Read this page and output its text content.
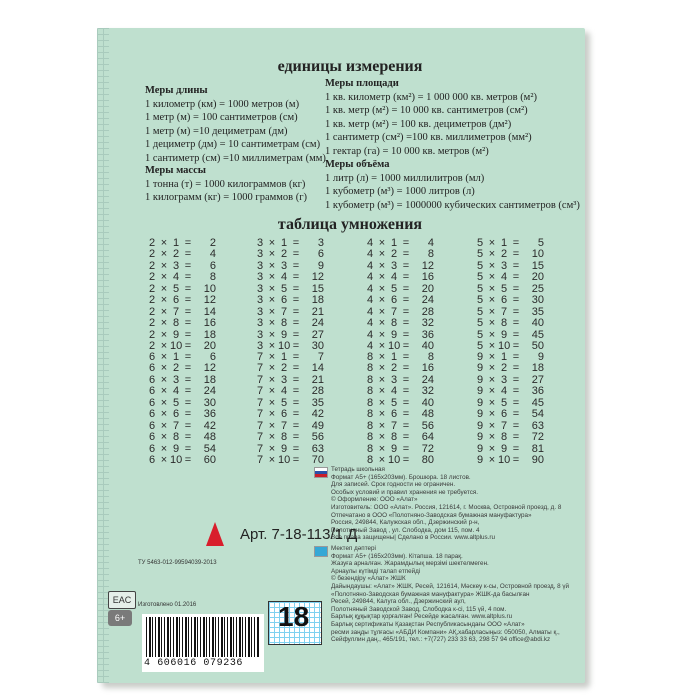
единицы измерения
Меры длины
1 километр (км) = 1000 метров (м)
1 метр (м) = 100 сантиметров (см)
1 метр (м) =10 дециметрам (дм)
1 дециметр (дм) = 10 сантиметрам (см)
1 сантиметр (см) =10 миллиметрам (мм)
Меры площади
1 кв. километр (км²) = 1 000 000 кв. метров (м²)
1 кв. метр (м²) = 10 000 кв. сантиметров (см²)
1 кв. метр (м²) = 100 кв. дециметров (дм²)
1 сантиметр (см²) =100 кв. миллиметров (мм²)
1 гектар (га) = 10 000 кв. метров (м²)
Меры массы
1 тонна (т) = 1000 килограммов (кг)
1 килограмм (кг) = 1000 граммов (г)
Меры объёма
1 литр (л) = 1000 миллилитров (мл)
1 кубометр (м³) = 1000 литров (л)
1 кубометр (м³) = 1000000 кубических сантиметров (см³)
таблица умножения
2 × 1 =	2
2 × 2 =	4
2 × 3 =	6
2 × 4 =	8
2 × 5 =	10
2 × 6 =	12
2 × 7 =	14
2 × 8 =	16
2 × 9 =	18
2 × 10 =	20
3 × 1 =	3
3 × 2 =	6
3 × 3 =	9
3 × 4 =	12
3 × 5 =	15
3 × 6 =	18
3 × 7 =	21
3 × 8 =	24
3 × 9 =	27
3 × 10 =	30
4 × 1 =	4
4 × 2 =	8
4 × 3 =	12
4 × 4 =	16
4 × 5 =	20
4 × 6 =	24
4 × 7 =	28
4 × 8 =	32
4 × 9 =	36
4 × 10 =	40
5 × 1 =	5
5 × 2 =	10
5 × 3 =	15
5 × 4 =	20
5 × 5 =	25
5 × 6 =	30
5 × 7 =	35
5 × 8 =	40
5 × 9 =	45
5 × 10 =	50
6 × 1 =	6
6 × 2 =	12
6 × 3 =	18
6 × 4 =	24
6 × 5 =	30
6 × 6 =	36
6 × 7 =	42
6 × 8 =	48
6 × 9 =	54
6 × 10 =	60
7 × 1 =	7
7 × 2 =	14
7 × 3 =	21
7 × 4 =	28
7 × 5 =	35
7 × 6 =	42
7 × 7 =	49
7 × 8 =	56
7 × 9 =	63
7 × 10 =	70
8 × 1 =	8
8 × 2 =	16
8 × 3 =	24
8 × 4 =	32
8 × 5 =	40
8 × 6 =	48
8 × 7 =	56
8 × 8 =	64
8 × 9 =	72
8 × 10 =	80
9 × 1 =	9
9 × 2 =	18
9 × 3 =	27
9 × 4 =	36
9 × 5 =	45
9 × 6 =	54
9 × 7 =	63
9 × 8 =	72
9 × 9 =	81
9 × 10 =	90
Тетрадь школьная
Формат А5+ (165х203мм). Брошюра. 18 листов.
Для записей. Срок годности не ограничен.
Особых условий и правил хранения не требуется.
© Оформление: ООО «Алат»
Изготовитель: ООО «Алат». Россия, 121614, г. Москва, Островной проезд, д. 8
Отпечатано в ООО «Полотняно-Заводская бумажная мануфактура»
Россия, 249844, Калужская обл., Дзержинский р-н,
Полотняный Завод , ул. Слободка, дом 115, пом. 4
Все права защищены| Сделано в России. www.altplus.ru
Арт. 7-18-113/1 Д
Мектеп дәптері
Формат А5+ (165х203мм). Кітапша. 18 парақ.
Жазуға арналған. Жарамдылық мерзімі шектелмеген.
Арнаулы күтімді талап етпейді
© безендіру «Алат» ЖШК
Дайындаушы: «Алат» ЖШК, Ресей, 121614, Мәскеу к-сы, Островной проезд, 8 үй
«Полотняно-Заводская бумажная мануфактура» ЖШК-да басылған
Ресей, 249844, Калуга обл., Дзержинский аул,
Полотняный Заводской Завод, Слободка к-сі, 115 үй, 4 пом.
Барлық құқықтар қорғалған! Ресейде жасалған. www.altplus.ru
Барлық сертификаты Қазақстан Республикасындағы ООО «Алат»
ресми заңды тұлғасы «АБДИ Компани» АҚ,хабарласыңыз: 050050, Алматы қ.,
Сейфуллин даң., 465/191, тел.: +7(727) 233 33 63, 298 57 94 office@abdi.kz
ТУ 5463-012-99594039-2013
Изготовлено 01.2016
EAC
6+
4 606016 079236
18
